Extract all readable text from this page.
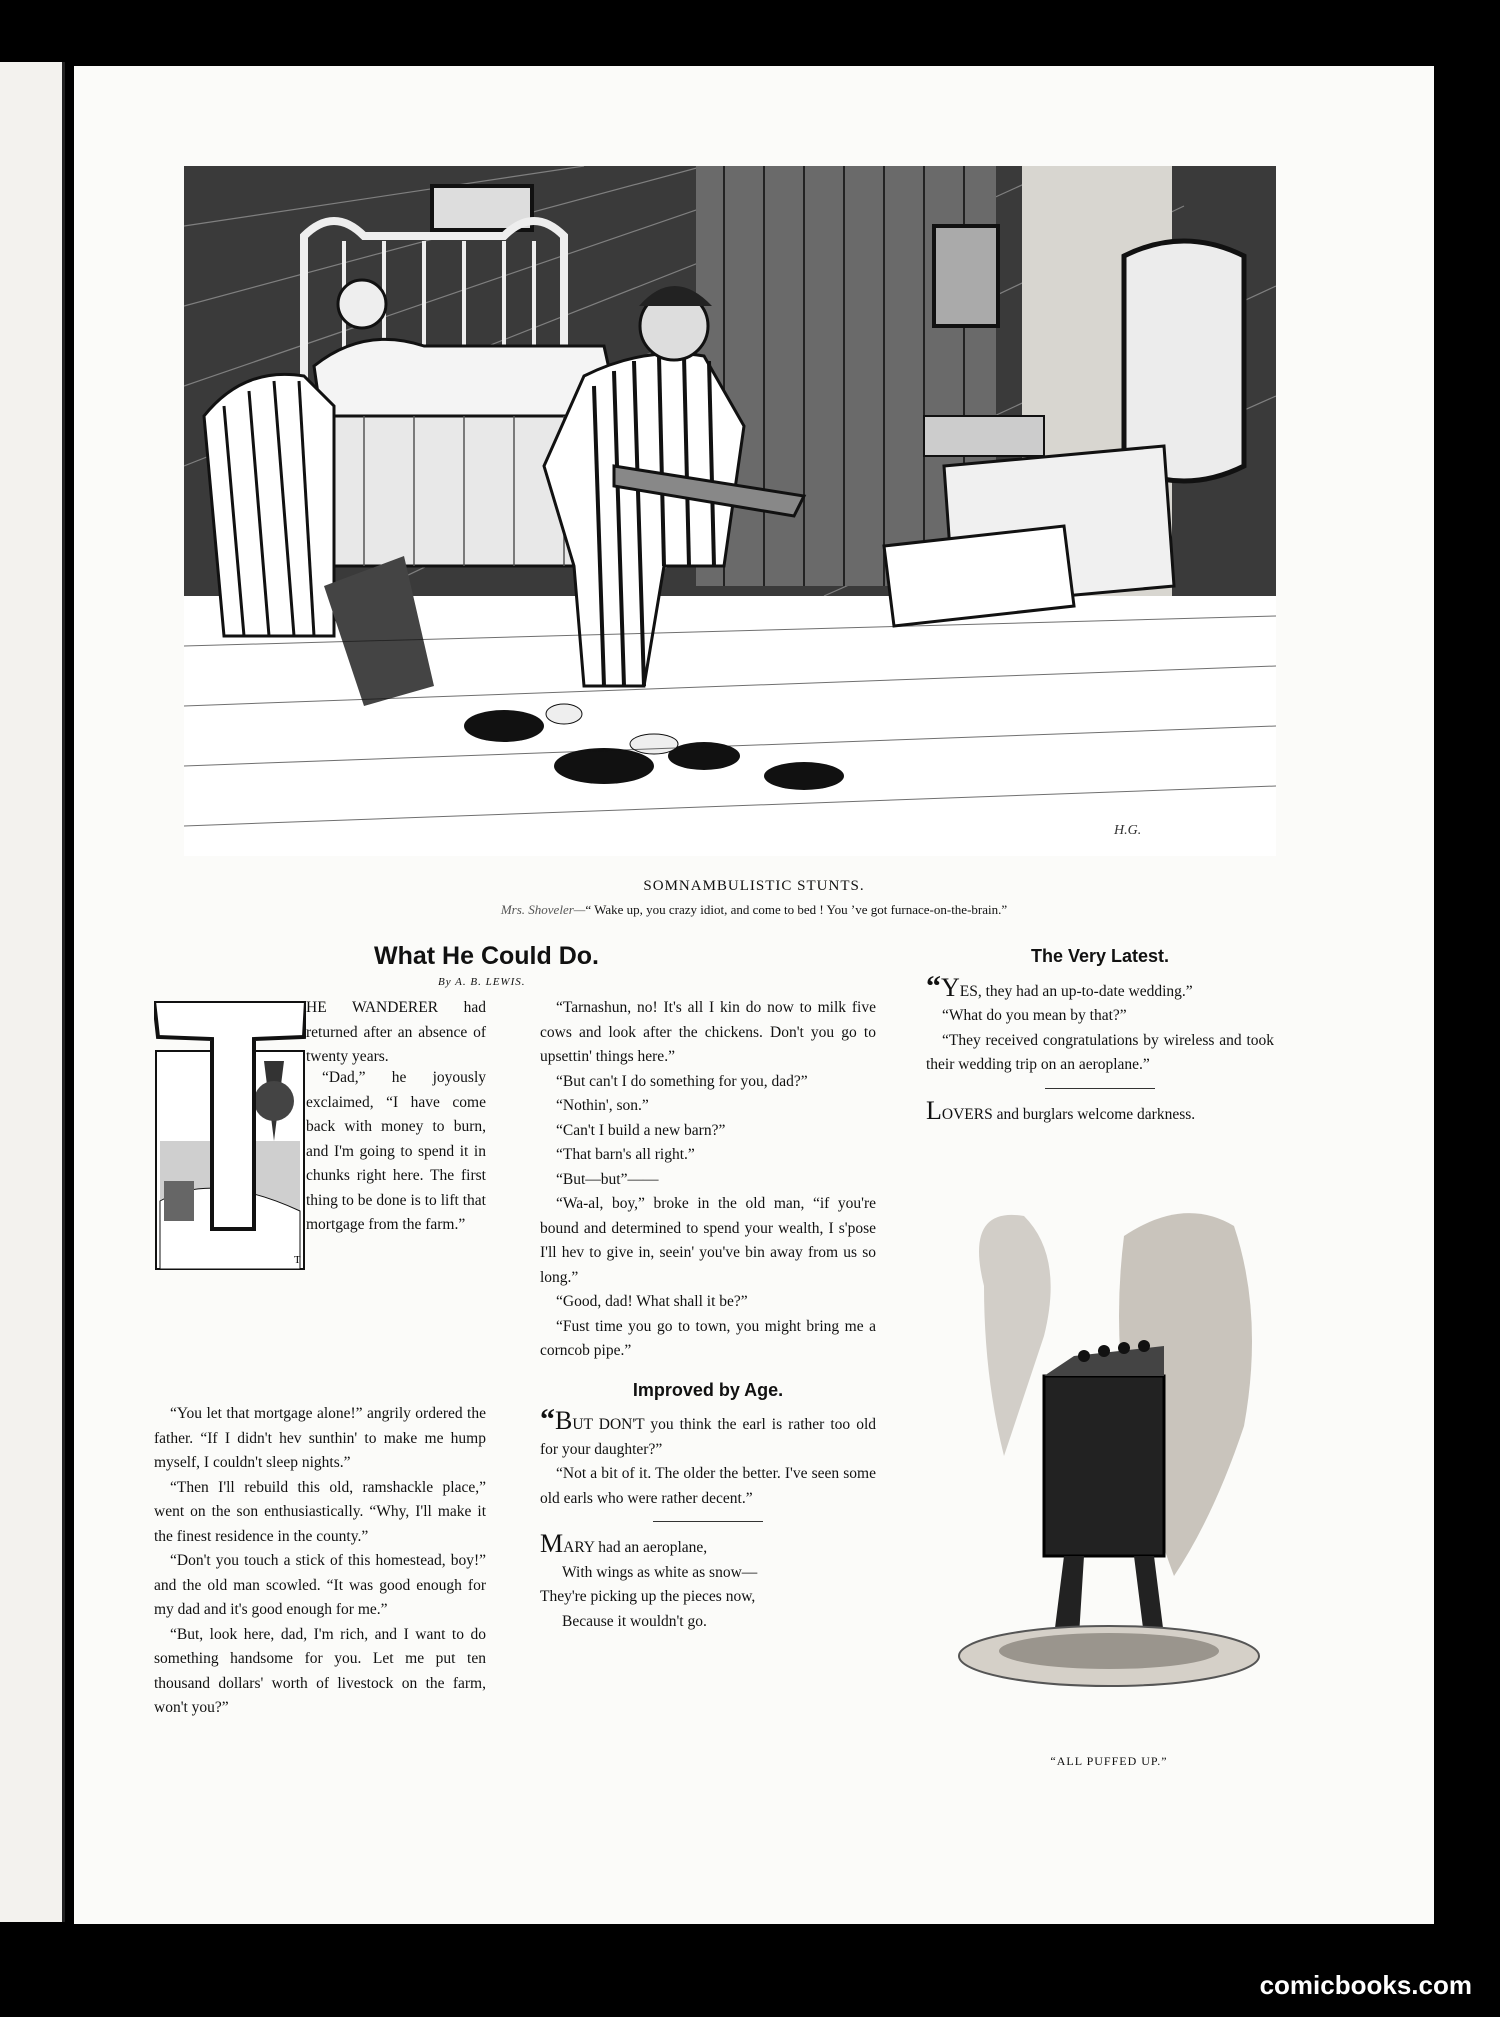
H.G.
SOMNAMBULISTIC STUNTS.
Mrs. Shoveler—“ Wake up, you crazy idiot, and come to bed ! You ’ve got furnace-on-the-brain.”
What He Could Do.
By A. B. LEWIS.
T

HE WANDERER had returned after an absence of twenty years.

“Dad,” he joyously exclaimed, “I have come back with money to burn, and I'm going to spend it in chunks right here. The first thing to be done is to lift that mortgage from the farm.”

“You let that mortgage alone!” angrily ordered the father. “If I didn't hev sunthin' to make me hump myself, I couldn't sleep nights.”

“Then I'll rebuild this old, ramshackle place,” went on the son enthusiastically. “Why, I'll make it the finest residence in the county.”

“Don't you touch a stick of this homestead, boy!” and the old man scowled. “It was good enough for my dad and it's good enough for me.”

“But, look here, dad, I'm rich, and I want to do something handsome for you. Let me put ten thousand dollars' worth of livestock on the farm, won't you?”

“Tarnashun, no! It's all I kin do now to milk five cows and look after the chickens. Don't you go to upsettin' things here.”

“But can't I do something for you, dad?”

“Nothin', son.”

“Can't I build a new barn?”

“That barn's all right.”

“But—but”——

“Wa-al, boy,” broke in the old man, “if you're bound and determined to spend your wealth, I s'pose I'll hev to give in, seein' you've bin away from us so long.”

“Good, dad! What shall it be?”

“Fust time you go to town, you might bring me a corncob pipe.”

Improved by Age.

“BUT DON'T you think the earl is rather too old for your daughter?”

“Not a bit of it. The older the better. I've seen some old earls who were rather decent.”

MARY had an aeroplane,

With wings as white as snow—

They're picking up the pieces now,

Because it wouldn't go.

The Very Latest.

“YES, they had an up-to-date wedding.”

“What do you mean by that?”

“They received congratulations by wireless and took their wedding trip on an aeroplane.”

LOVERS and burglars welcome darkness.

“ALL PUFFED UP.”
comicbooks.com
